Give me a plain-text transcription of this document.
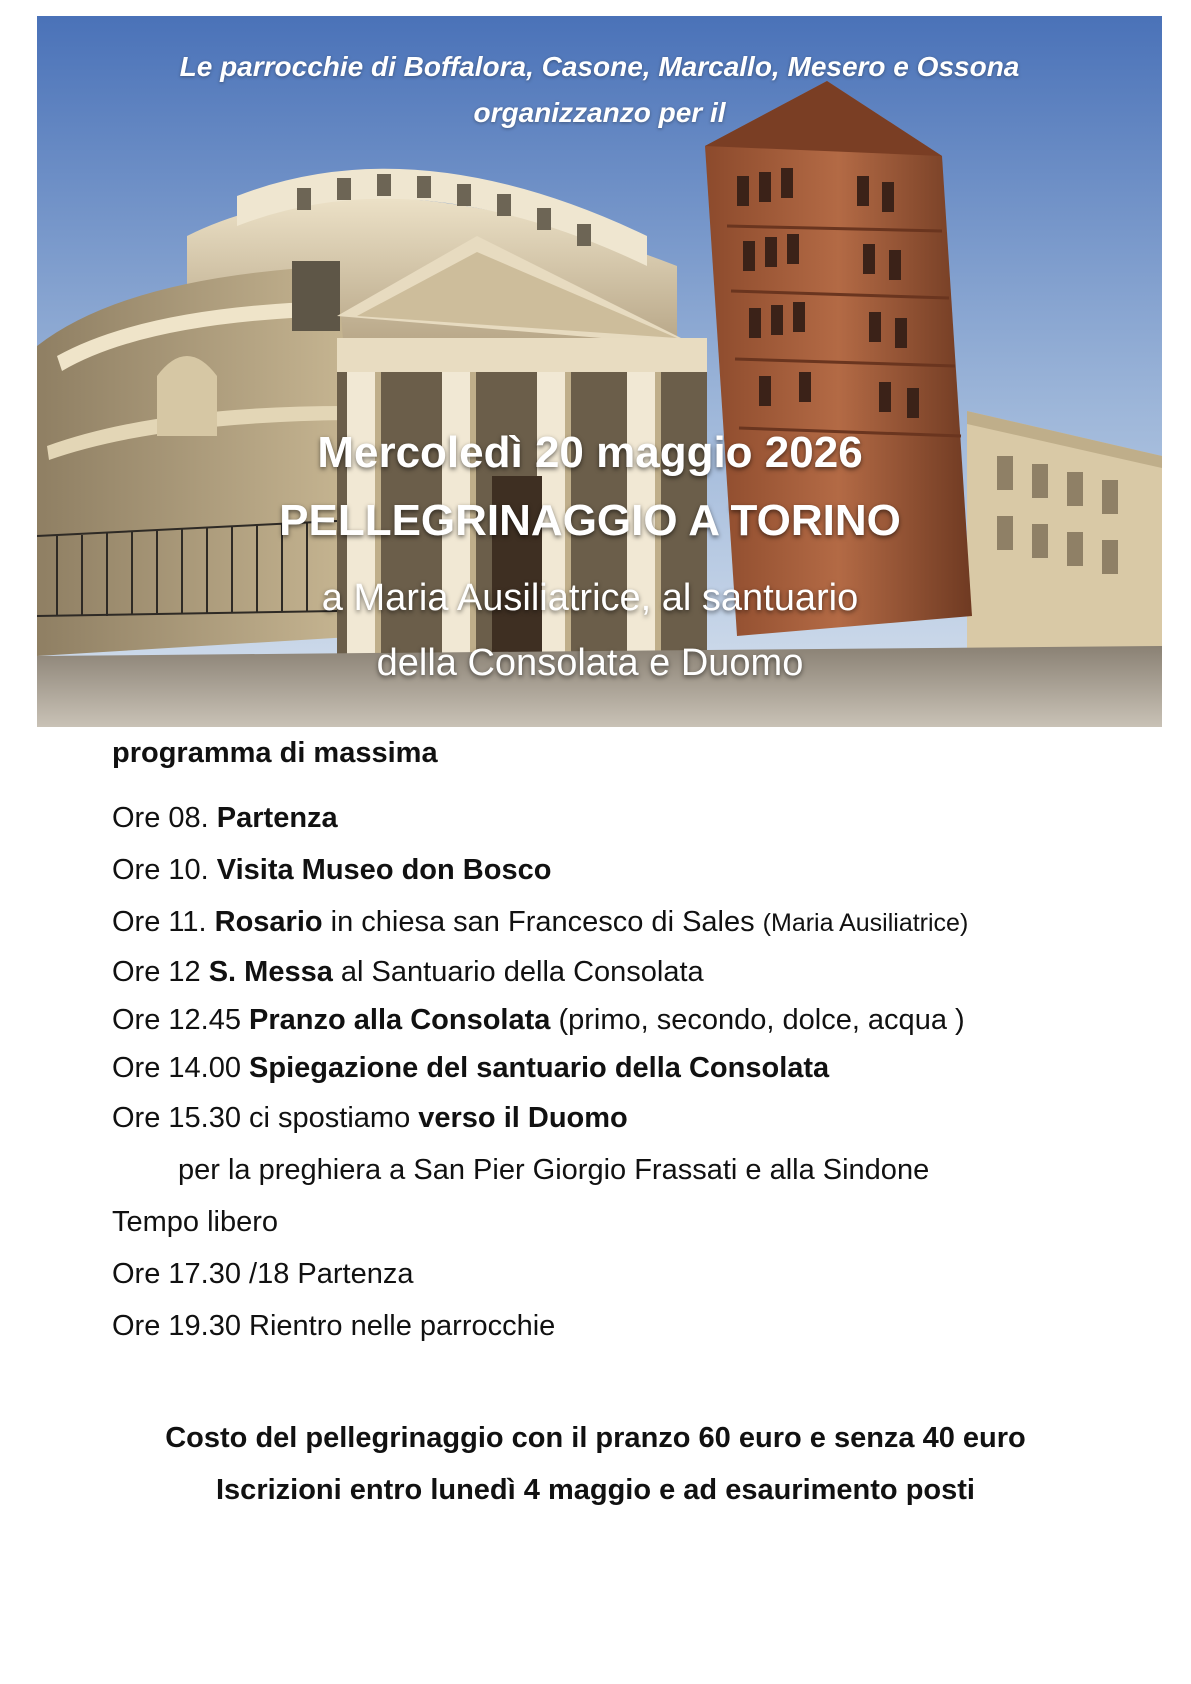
Le parrocchie di Boffalora, Casone, Marcallo, Mesero e Ossona
organizzanzo per il
Mercoledì 20 maggio 2026
PELLEGRINAGGIO A TORINO
a Maria Ausiliatrice, al santuario
della Consolata e Duomo
programma di massima
Ore 08. Partenza
Ore 10. Visita Museo don Bosco
Ore 11. Rosario in chiesa san Francesco di Sales (Maria Ausiliatrice)
Ore 12 S. Messa al Santuario della Consolata
Ore 12.45 Pranzo alla Consolata (primo, secondo, dolce, acqua )
Ore 14.00 Spiegazione del santuario della Consolata
Ore 15.30 ci spostiamo verso il Duomo
per la preghiera a San Pier Giorgio Frassati e alla Sindone
Tempo libero
Ore 17.30 /18 Partenza
Ore 19.30 Rientro nelle parrocchie
Costo del pellegrinaggio con il pranzo 60 euro e senza 40 euro
Iscrizioni entro lunedì 4 maggio e ad esaurimento posti
